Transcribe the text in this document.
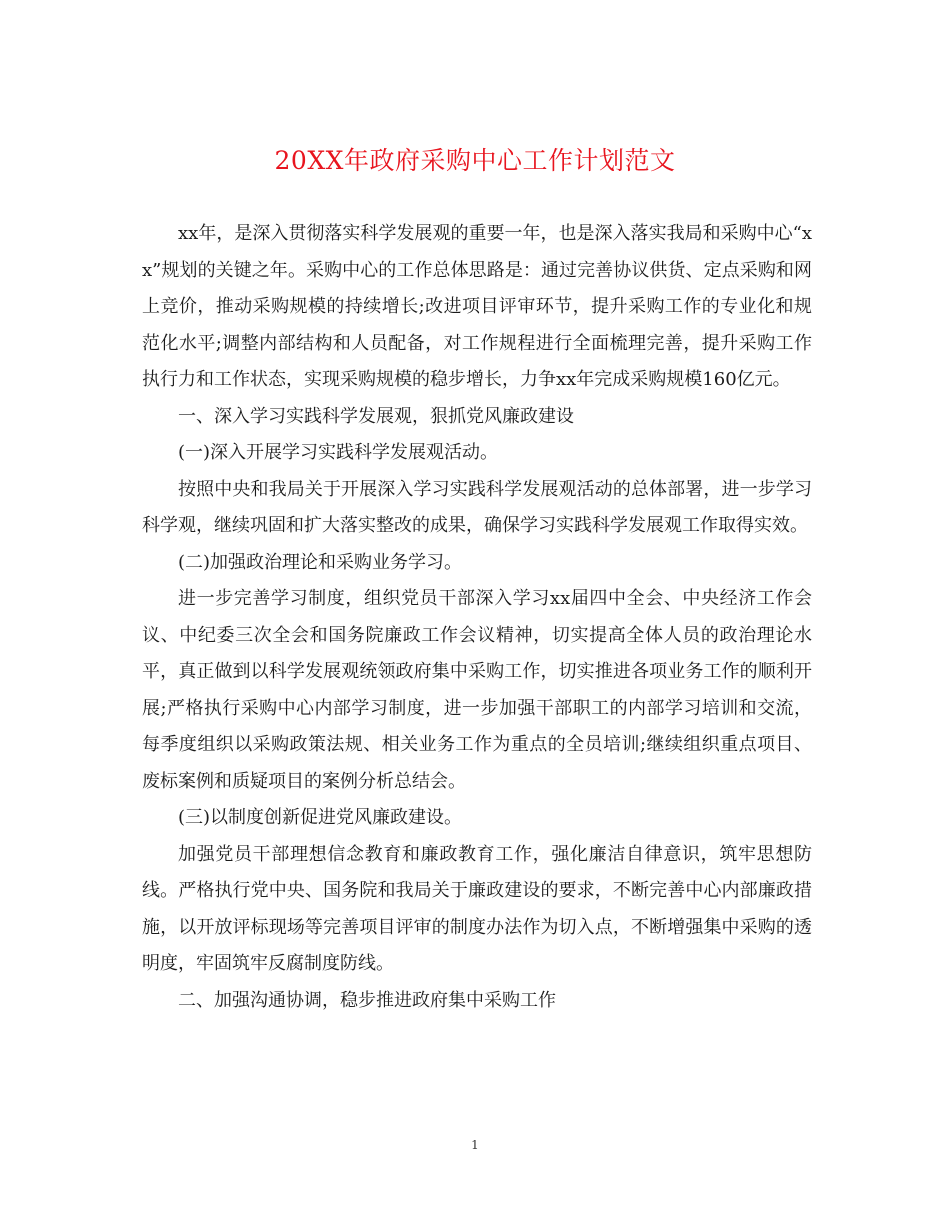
20XX年政府采购中心工作计划范文

xx年，是深入贯彻落实科学发展观的重要一年，也是深入落实我局和采购中心“xx”规划的关键之年。采购中心的工作总体思路是：通过完善协议供货、定点采购和网上竞价，推动采购规模的持续增长;改进项目评审环节，提升采购工作的专业化和规范化水平;调整内部结构和人员配备，对工作规程进行全面梳理完善，提升采购工作执行力和工作状态，实现采购规模的稳步增长，力争xx年完成采购规模160亿元。

一、深入学习实践科学发展观，狠抓党风廉政建设

(一)深入开展学习实践科学发展观活动。

按照中央和我局关于开展深入学习实践科学发展观活动的总体部署，进一步学习科学观，继续巩固和扩大落实整改的成果，确保学习实践科学发展观工作取得实效。

(二)加强政治理论和采购业务学习。

进一步完善学习制度，组织党员干部深入学习xx届四中全会、中央经济工作会议、中纪委三次全会和国务院廉政工作会议精神，切实提高全体人员的政治理论水平，真正做到以科学发展观统领政府集中采购工作，切实推进各项业务工作的顺利开展;严格执行采购中心内部学习制度，进一步加强干部职工的内部学习培训和交流，每季度组织以采购政策法规、相关业务工作为重点的全员培训;继续组织重点项目、废标案例和质疑项目的案例分析总结会。

(三)以制度创新促进党风廉政建设。

加强党员干部理想信念教育和廉政教育工作，强化廉洁自律意识，筑牢思想防线。严格执行党中央、国务院和我局关于廉政建设的要求，不断完善中心内部廉政措施，以开放评标现场等完善项目评审的制度办法作为切入点，不断增强集中采购的透明度，牢固筑牢反腐制度防线。

二、加强沟通协调，稳步推进政府集中采购工作

1
